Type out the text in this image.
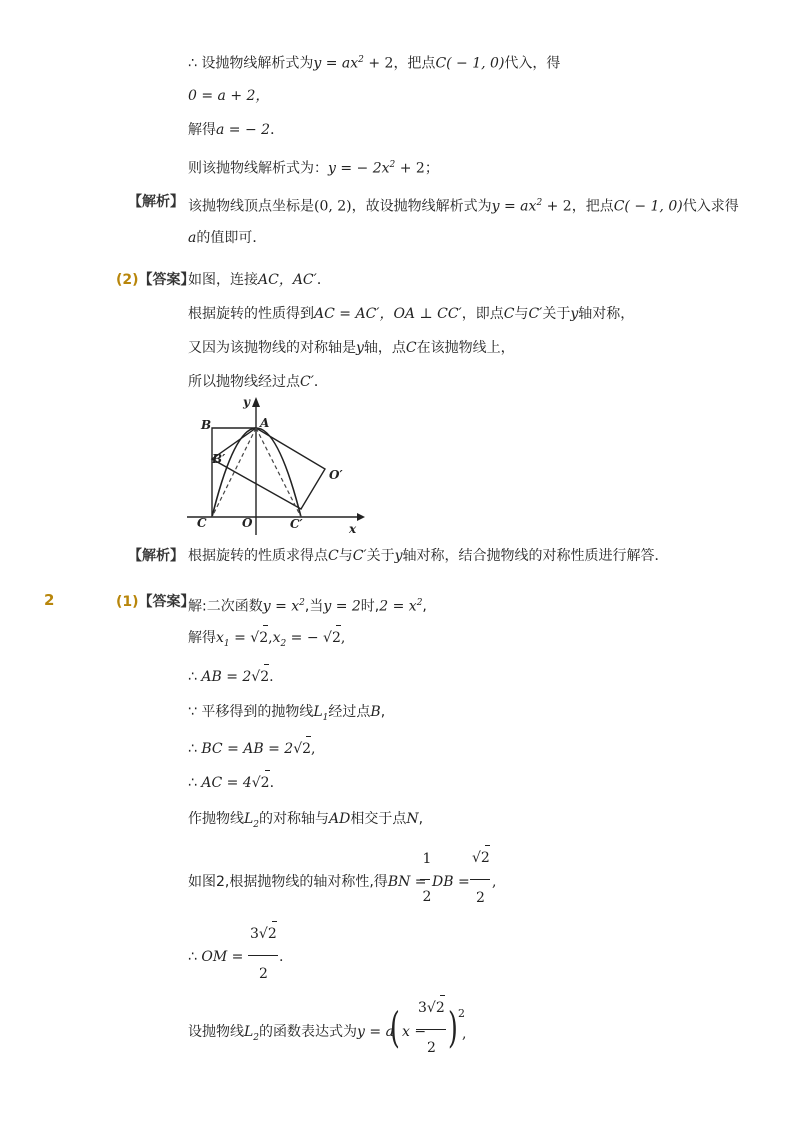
∴ 设抛物线解析式为$y = ax^2 + 2$，把点C( − 1, 0)代入，得
0 = a + 2，
解得a = − 2．
则该抛物线解析式为：y = − $2x^2 + 2$；
【解析】 该抛物线顶点坐标是(0, 2)，故设抛物线解析式为$y = ax^2 + 2$，把点C( − 1, 0)代入求得
a的值即可．
(2)【答案】
如图，连接AC，AC′．
根据旋转的性质得到AC = AC′，OA ⊥ CC′，即点C与C′关于y轴对称，
又因为该抛物线的对称轴是y轴，点C在该抛物线上，
所以抛物线经过点C′．
y
x
A
B
B′
O′
C	O	C′
【解析】 根据旋转的性质求得点C与C′关于y轴对称，结合抛物线的对称性质进行解答．
2	(1)【答案】
解:二次函数$y = x^2$,当y = 2时$,2 = x^2$,
解得$x_1$ = √
$2,x_2$ = − √
2,
∴ AB = 2√
2.
∵ 平移得到的抛物线$L_1$经过点B,
∴ BC = AB = 2√
2,
∴ AC = 4√
2.
作抛物线$L_2$的对称轴与AD相交于点N,
如图2,根据抛物线的轴对称性,得BN =
1
2
DB =
√
2
2
,
∴ OM =
3√
2
2
.
设抛物线$L_2$的函数表达式为y = a
( x −
3√
2
2 ) 2
,
